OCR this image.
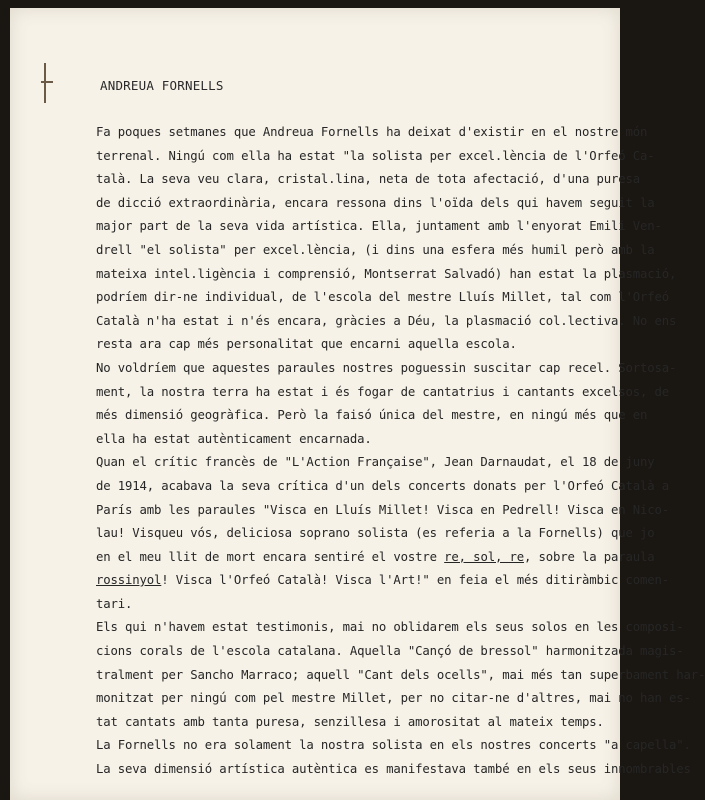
ANDREUA FORNELLS
Fa poques setmanes que Andreua Fornells ha deixat d'existir en el nostre món
terrenal. Ningú com ella ha estat "la solista per excel.lència de l'Orfeó Ca-
talà. La seva veu clara, cristal.lina, neta de tota afectació, d'una puresa
de dicció extraordinària, encara ressona dins l'oïda dels qui havem seguit la
major part de la seva vida artística. Ella, juntament amb l'enyorat Emili Ven-
drell "el solista" per excel.lència, (i dins una esfera més humil però amb la
mateixa intel.ligència i comprensió, Montserrat Salvadó) han estat la plasmació,
podríem dir-ne individual, de l'escola del mestre Lluís Millet, tal com l'Orfeó
Català n'ha estat i n'és encara, gràcies a Déu, la plasmació col.lectiva. No ens
resta ara cap més personalitat que encarni aquella escola.
No voldríem que aquestes paraules nostres poguessin suscitar cap recel. Sortosa-
ment, la nostra terra ha estat i és fogar de cantatrius i cantants excelsos, de
més dimensió geogràfica. Però la faisó única del mestre, en ningú més que en
ella ha estat autènticament encarnada.
Quan el crític francès de "L'Action Française", Jean Darnaudat, el 18 de juny
de 1914, acabava la seva crítica d'un dels concerts donats per l'Orfeó Català a
París amb les paraules "Visca en Lluís Millet! Visca en Pedrell! Visca en Nico-
lau! Visqueu vós, deliciosa soprano solista (es referia a la Fornells) que jo
en el meu llit de mort encara sentiré el vostre re, sol, re, sobre la paraula
rossinyol! Visca l'Orfeó Català! Visca l'Art!" en feia el més ditiràmbic comen-
tari.
Els qui n'havem estat testimonis, mai no oblidarem els seus solos en les composi-
cions corals de l'escola catalana. Aquella "Cançó de bressol" harmonitzada magis-
tralment per Sancho Marraco; aquell "Cant dels ocells", mai més tan superbament har-
monitzat per ningú com pel mestre Millet, per no citar-ne d'altres, mai no han es-
tat cantats amb tanta puresa, senzillesa i amorositat al mateix temps.
La Fornells no era solament la nostra solista en els nostres concerts "a capella".
La seva dimensió artística autèntica es manifestava també en els seus innombrables
